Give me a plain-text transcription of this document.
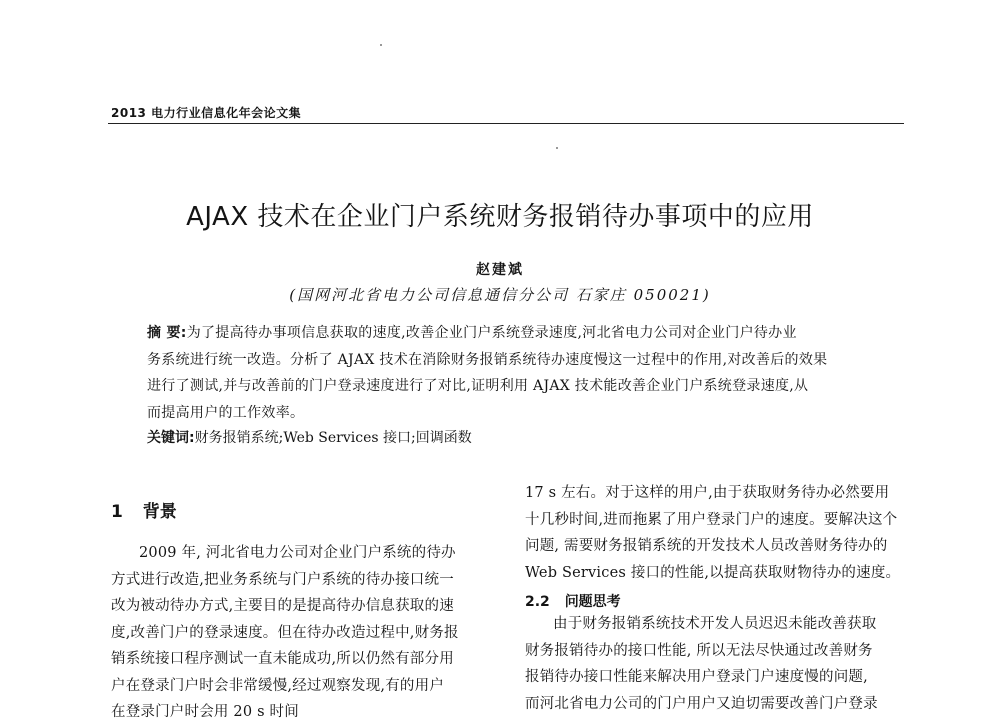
2013 电力行业信息化年会论文集
AJAX 技术在企业门户系统财务报销待办事项中的应用
赵建斌
(国网河北省电力公司信息通信分公司 石家庄 050021)
摘 要:为了提高待办事项信息获取的速度,改善企业门户系统登录速度,河北省电力公司对企业门户待办业
务系统进行统一改造。分析了 AJAX 技术在消除财务报销系统待办速度慢这一过程中的作用,对改善后的效果
进行了测试,并与改善前的门户登录速度进行了对比,证明利用 AJAX 技术能改善企业门户系统登录速度,从
而提高用户的工作效率。
关键词:财务报销系统;Web Services 接口;回调函数
1 背景
2009 年, 河北省电力公司对企业门户系统的待办
方式进行改造,把业务系统与门户系统的待办接口统一
改为被动待办方式,主要目的是提高待办信息获取的速
度,改善门户的登录速度。但在待办改造过程中,财务报
销系统接口程序测试一直未能成功,所以仍然有部分用
户在登录门户时会非常缓慢,经过观察发现,有的用户
在登录门户时会用 20 s 时间
17 s 左右。对于这样的用户,由于获取财务待办必然要用
十几秒时间,进而拖累了用户登录门户的速度。要解决这个
问题, 需要财务报销系统的开发技术人员改善财务待办的
Web Services 接口的性能,以提高获取财物待办的速度。
2.2 问题思考
由于财务报销系统技术开发人员迟迟未能改善获取
财务报销待办的接口性能, 所以无法尽快通过改善财务
报销待办接口性能来解决用户登录门户速度慢的问题,
而河北省电力公司的门户用户又迫切需要改善门户登录
